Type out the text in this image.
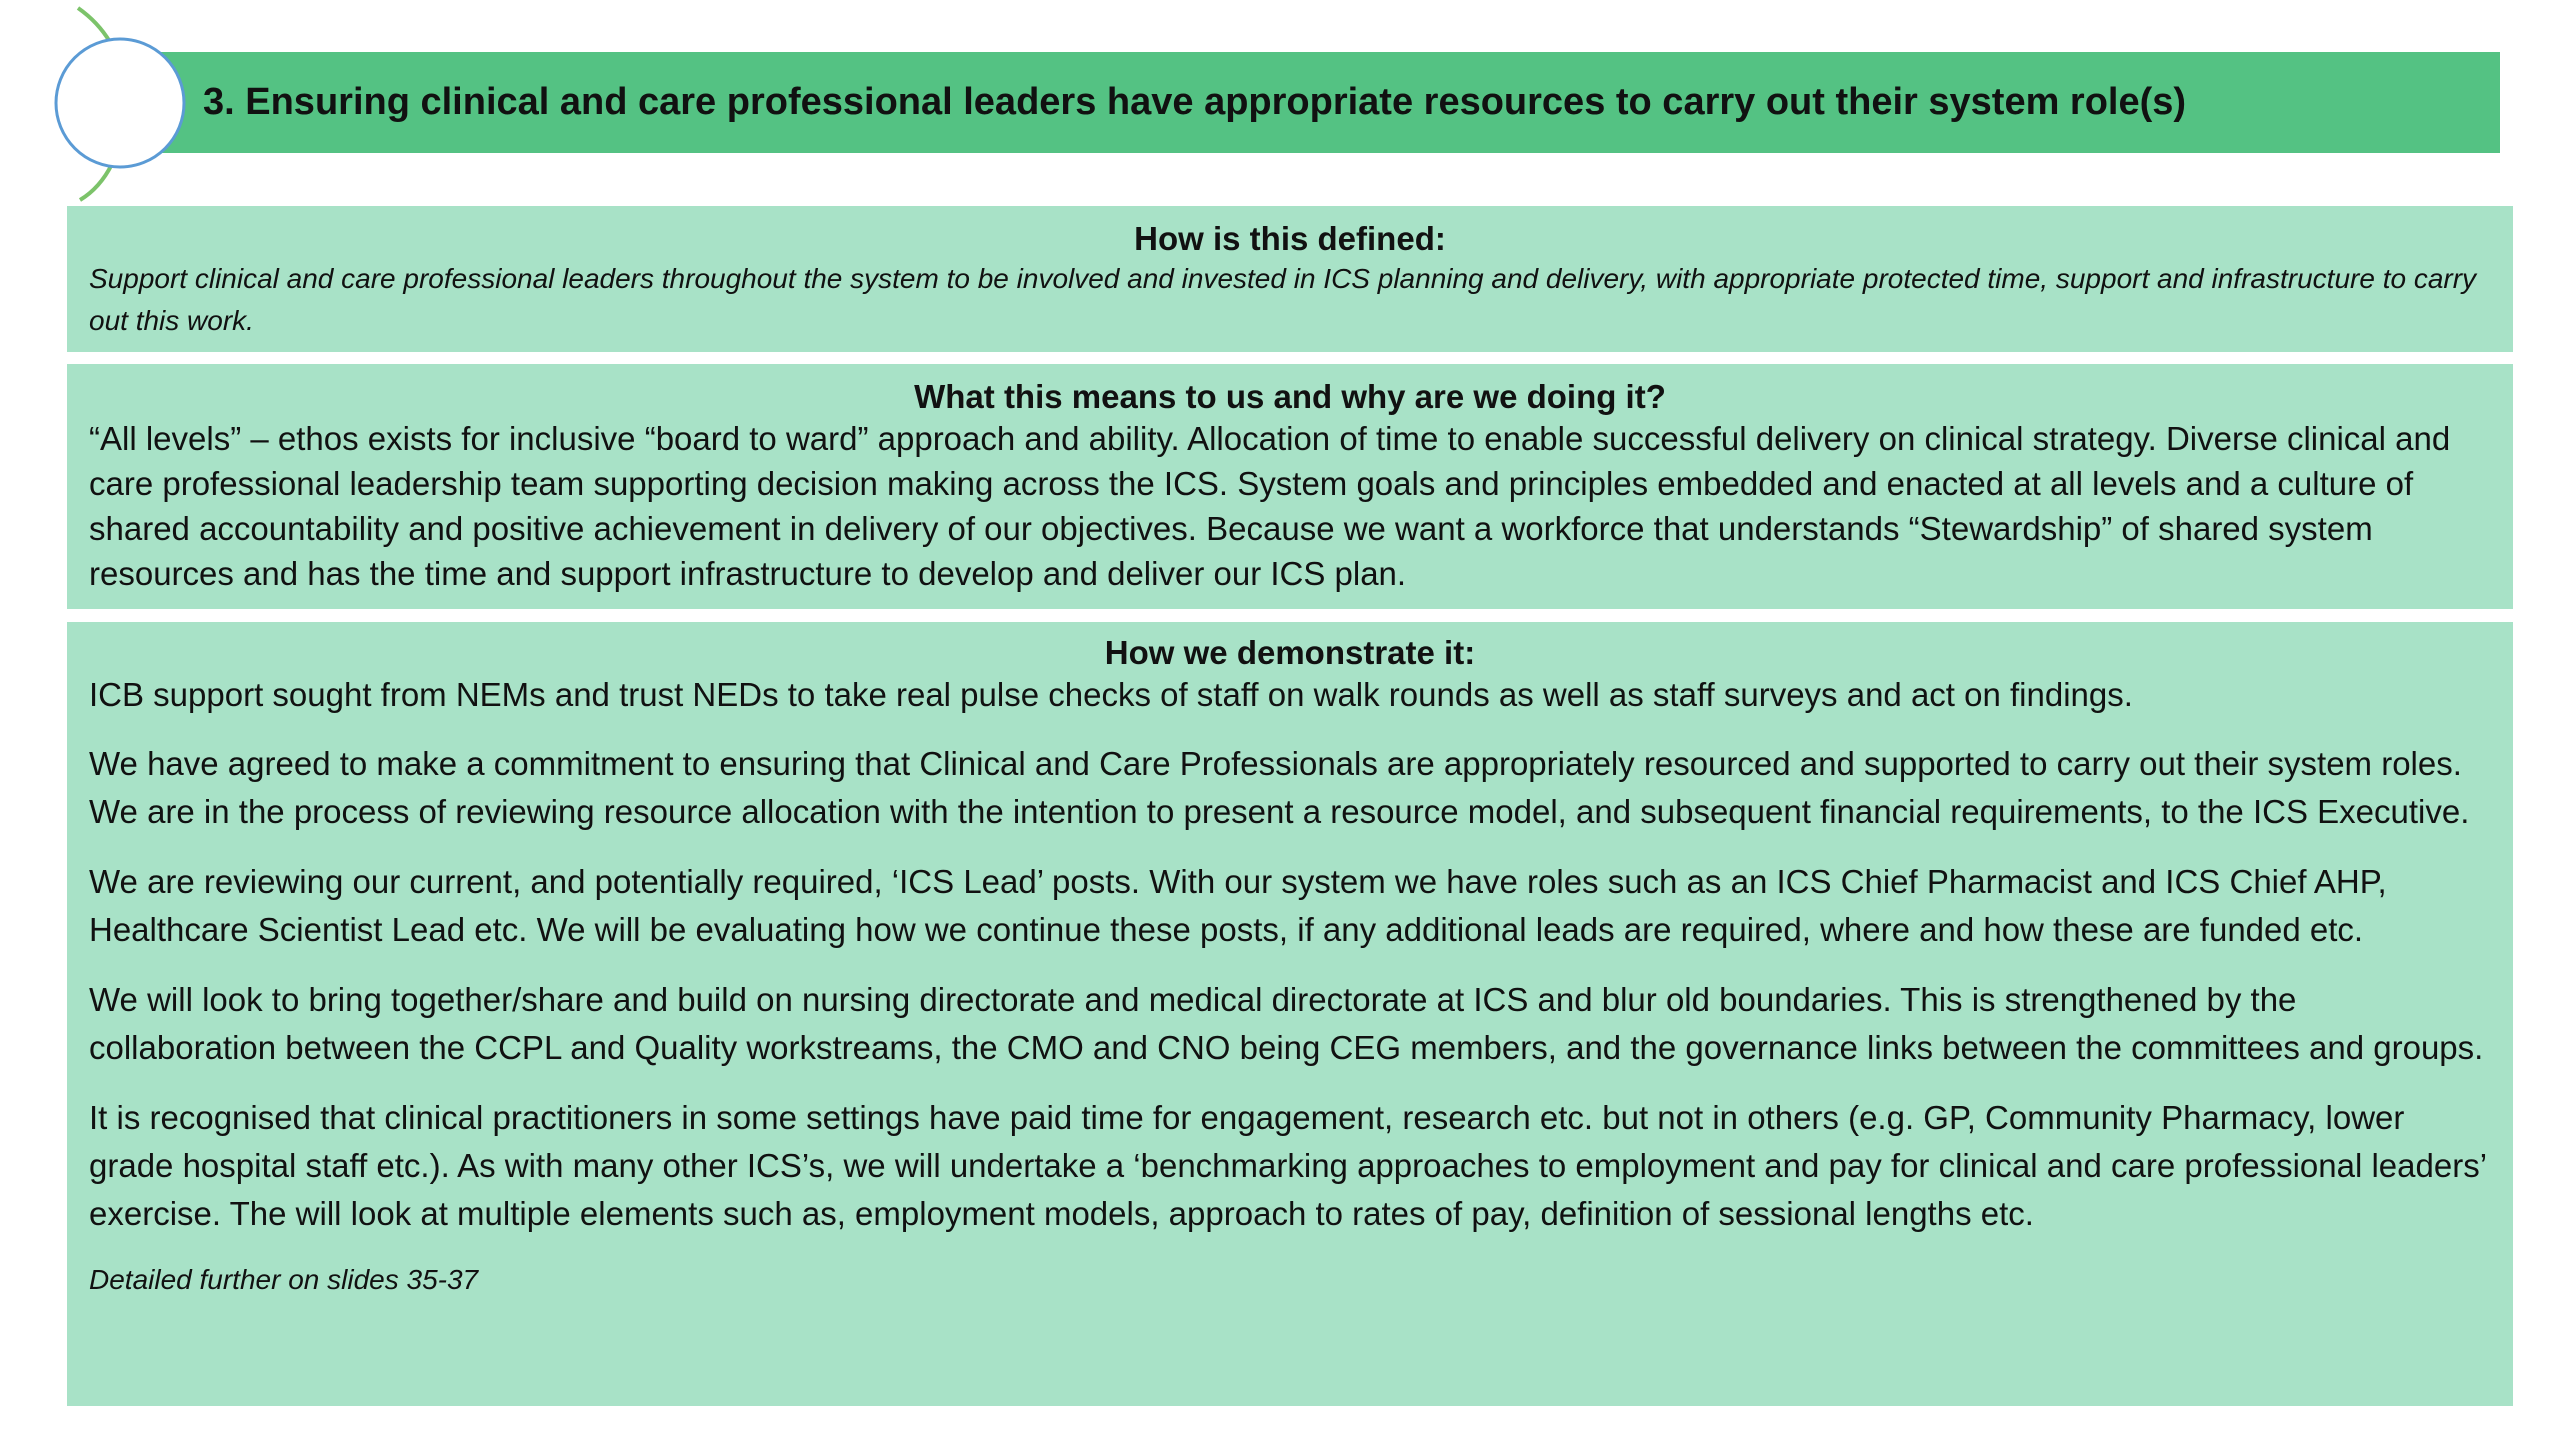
3. Ensuring clinical and care professional leaders have appropriate resources to carry out their system role(s)
How is this defined:

Support clinical and care professional leaders throughout the system to be involved and invested in ICS planning and delivery, with appropriate protected time, support and infrastructure to carry out this work.

What this means to us and why are we doing it?

“All levels” – ethos exists for inclusive “board to ward” approach and ability. Allocation of time to enable successful delivery on clinical strategy. Diverse clinical and care professional leadership team supporting decision making across the ICS. System goals and principles embedded and enacted at all levels and a culture of shared accountability and positive achievement in delivery of our objectives. Because we want a workforce that understands “Stewardship” of shared system resources and has the time and support infrastructure to develop and deliver our ICS plan.

How we demonstrate it:

ICB support sought from NEMs and trust NEDs to take real pulse checks of staff on walk rounds as well as staff surveys and act on findings.

We have agreed to make a commitment to ensuring that Clinical and Care Professionals are appropriately resourced and supported to carry out their system roles. We are in the process of reviewing resource allocation with the intention to present a resource model, and subsequent financial requirements, to the ICS Executive.

We are reviewing our current, and potentially required, ‘ICS Lead’ posts. With our system we have roles such as an ICS Chief Pharmacist and ICS Chief AHP, Healthcare Scientist Lead etc. We will be evaluating how we continue these posts, if any additional leads are required, where and how these are funded etc.

We will look to bring together/share and build on nursing directorate and medical directorate at ICS and blur old boundaries. This is strengthened by the collaboration between the CCPL and Quality workstreams, the CMO and CNO being CEG members, and the governance links between the committees and groups.

It is recognised that clinical practitioners in some settings have paid time for engagement, research etc. but not in others (e.g. GP, Community Pharmacy, lower grade hospital staff etc.). As with many other ICS’s, we will undertake a ‘benchmarking approaches to employment and pay for clinical and care professional leaders’ exercise. The will look at multiple elements such as, employment models, approach to rates of pay, definition of sessional lengths etc.

Detailed further on slides 35-37
